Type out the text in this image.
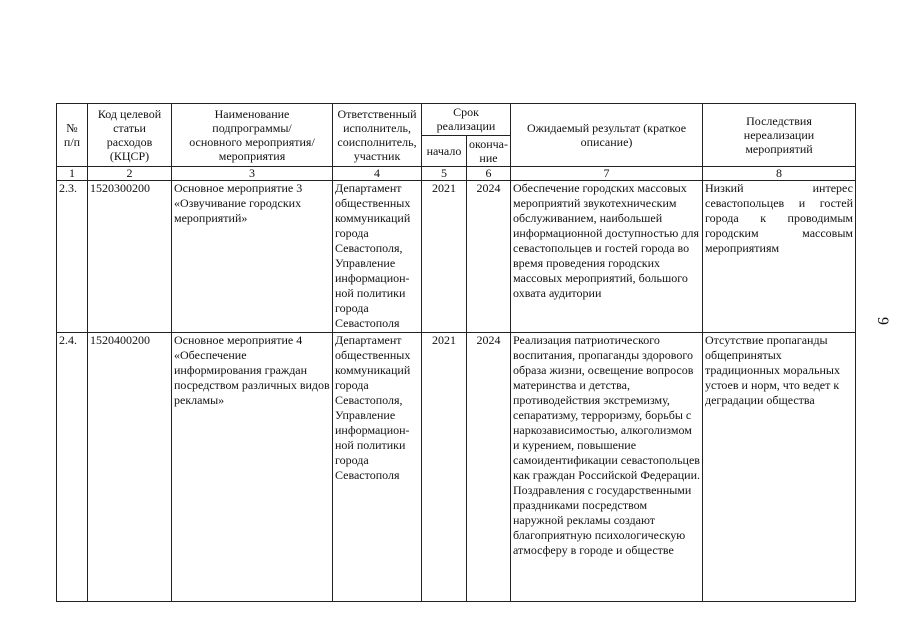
№
п/п	Код целевой
статьи
расходов
(КЦСР)	Наименование
подпрограммы/
основного мероприятия/
мероприятия	Ответственный
исполнитель,
соисполнитель,
участник	Срок
реализации		Ожидаемый результат (краткое
описание)	Последствия
нереализации
мероприятий
				начало	оконча-
ние		
1	2	3	4	5	6	7	8
2.3.	1520300200	Основное мероприятие 3 «Озвучивание городских мероприятий»	Департамент общественных коммуникаций города Севастополя, Управление информацион-ной политики города Севастополя	2021	2024	Обеспечение городских массовых мероприятий звукотехническим обслуживанием, наибольшей информационной доступностью для севастопольцев и гостей города во время проведения городских массовых мероприятий, большого охвата аудитории	Низкий интерес севастопольцев и гостей города к проводимым городским массовым мероприятиям
2.4.	1520400200	Основное мероприятие 4 «Обеспечение информирования граждан посредством различных видов рекламы»	Департамент общественных коммуникаций города Севастополя, Управление информацион-ной политики города Севастополя	2021	2024	Реализация патриотического воспитания, пропаганды здорового образа жизни, освещение вопросов материнства и детства, противодействия экстремизму, сепаратизму, терроризму, борьбы с наркозависимостью, алкоголизмом и курением, повышение самоидентификации севастопольцев как граждан Российской Федерации. Поздравления с государственными праздниками посредством наружной рекламы создают благоприятную психологическую атмосферу в городе и обществе	Отсутствие пропаганды общепринятых традиционных моральных устоев и норм, что ведет к деградации общества
9
